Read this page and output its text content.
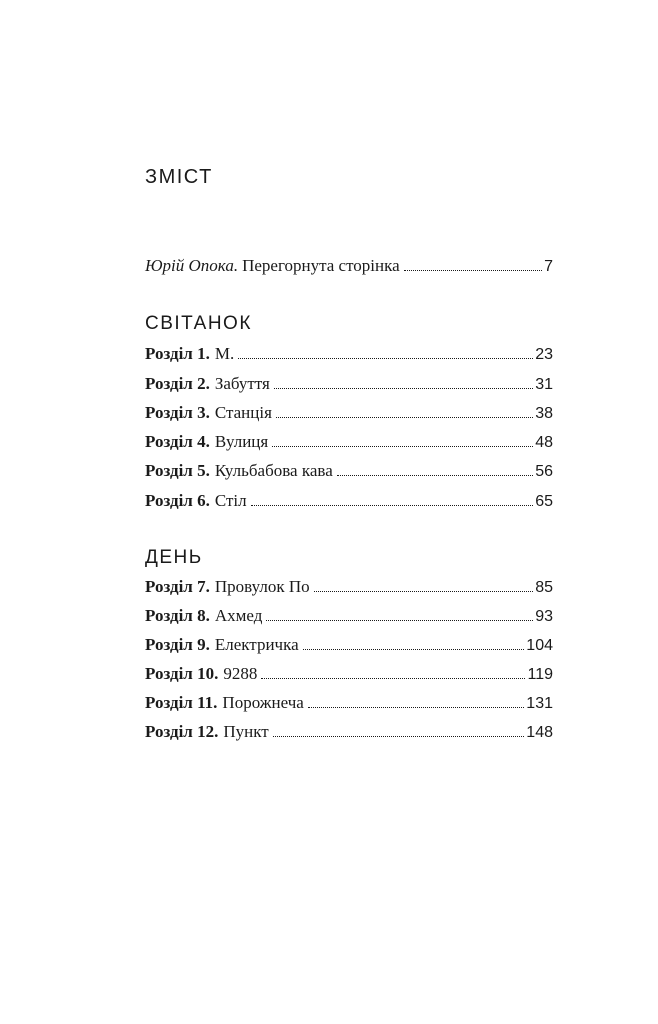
ЗМІСТ
Юрій Опока. Перегорнута сторінка	7
СВІТАНОК
Розділ 1. М.	23
Розділ 2. Забуття	31
Розділ 3. Станція	38
Розділ 4. Вулиця	48
Розділ 5. Кульбабова кава	56
Розділ 6. Стіл	65
ДЕНЬ
Розділ 7. Провулок По	85
Розділ 8. Ахмед	93
Розділ 9. Електричка	104
Розділ 10. 9288	119
Розділ 11. Порожнеча	131
Розділ 12. Пункт	148
